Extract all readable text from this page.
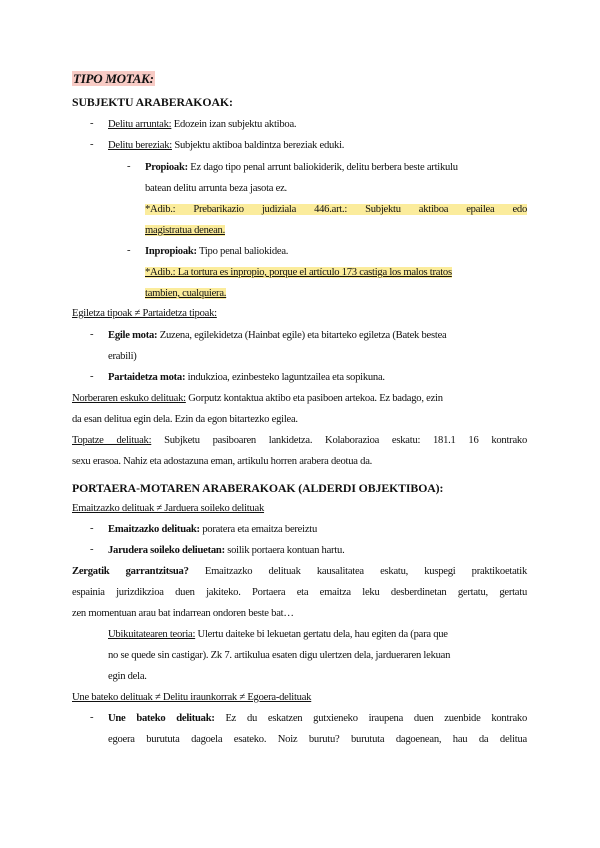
TIPO MOTAK:
SUBJEKTU ARABERAKOAK:
- Delitu arruntak: Edozein izan subjektu aktiboa.
- Delitu bereziak: Subjektu aktiboa baldintza bereziak eduki.
- Propioak: Ez dago tipo penal arrunt baliokiderik, delitu berbera beste artikulu
batean delitu arrunta beza jasota ez.
*Adib.: Prebarikazio judiziala 446.art.: Subjektu aktiboa epailea edo
magistratua denean.
- Inpropioak: Tipo penal baliokidea.
*Adib.: La tortura es inpropio, porque el artículo 173 castiga los malos tratos
tambien, cualquiera.
Egiletza tipoak ≠ Partaidetza tipoak:
- Egile mota: Zuzena, egilekidetza (Hainbat egile) eta bitarteko egiletza (Batek bestea
erabili)
- Partaidetza mota: indukzioa, ezinbesteko laguntzailea eta sopikuna.
Norberaren eskuko delituak: Gorputz kontaktua aktibo eta pasiboen artekoa. Ez badago, ezin
da esan delitua egin dela. Ezin da egon bitartezko egilea.
Topatze delituak: Subjketu pasiboaren lankidetza. Kolaborazioa eskatu: 181.1 16 kontrako
sexu erasoa. Nahiz eta adostazuna eman, artikulu horren arabera deotua da.
PORTAERA-MOTAREN ARABERAKOAK (ALDERDI OBJEKTIBOA):
Emaitzazko delituak ≠ Jarduera soileko delituak
- Emaitzazko delituak: poratera eta emaitza bereiztu
- Jarudera soileko deliuetan: soilik portaera kontuan hartu.
Zergatik garrantzitsua? Emaitzazko delituak kausalitatea eskatu, kuspegi praktikoetatik
espainia jurizdikzioa duen jakiteko. Portaera eta emaitza leku desberdinetan gertatu, gertatu
zen momentuan arau bat indarrean ondoren beste bat…
Ubikuitatearen teoria: Ulertu daiteke bi lekuetan gertatu dela, hau egiten da (para que
no se quede sin castigar). Zk 7. artikulua esaten digu ulertzen dela, jardueraren lekuan
egin dela.
Une bateko delituak ≠ Delitu iraunkorrak ≠ Egoera-delituak
- Une bateko delituak: Ez du eskatzen gutxieneko iraupena duen zuenbide kontrako
egoera burututa dagoela esateko. Noiz burutu? burututa dagoenean, hau da delitua
